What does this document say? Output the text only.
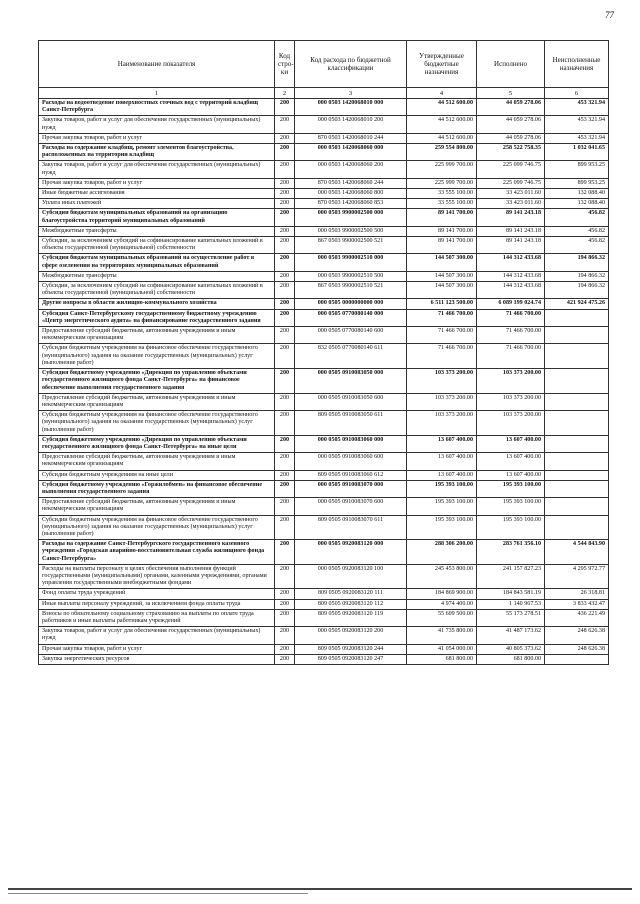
77
Наименование показателя	Код стро-ки	Код расхода по бюджетной классификации	Утвержденные бюджетные назначения	Исполнено	Неисполненные назначения
1	2	3	4	5	6
Расходы на водоотведение поверхностных сточных вод с территорий кладбищ Санкт-Петербурга	200	000 0503 1420068010 000	44 512 600.00	44 059 278.06	453 321.94
Закупка товаров, работ и услуг для обеспечения государственных (муниципальных) нужд	200	000 0503 1420068010 200	44 512 600.00	44 059 278.06	453 321.94
Прочая закупка товаров, работ и услуг	200	870 0503 1420068010 244	44 512 600.00	44 059 278.06	453 321.94
Расходы на содержание кладбищ, ремонт элементов благоустройства, расположенных на территории кладбищ	200	000 0503 1420068060 000	259 554 800.00	258 522 758.35	1 032 041.65
Закупка товаров, работ и услуг для обеспечения государственных (муниципальных) нужд	200	000 0503 1420068060 200	225 999 700.00	225 099 746.75	899 953.25
Прочая закупка товаров, работ и услуг	200	870 0503 1420068060 244	225 999 700.00	225 099 746.75	899 953.25
Иные бюджетные ассигнования	200	000 0503 1420068060 800	33 555 100.00	33 423 011.60	132 088.40
Уплата иных платежей	200	870 0503 1420068060 853	33 555 100.00	33 423 011.60	132 088.40
Субсидии бюджетам муниципальных образований на организацию благоустройства территорий муниципальных образований	200	000 0503 9900002500 000	89 141 700.00	89 141 243.18	456.82
Межбюджетные трансферты	200	000 0503 9900002500 500	89 141 700.00	89 141 243.18	456.82
Субсидии, за исключением субсидий на софинансирование капитальных вложений в объекты государственной (муниципальной) собственности	200	867 0503 9900002500 521	89 141 700.00	89 141 243.18	456.82
Субсидии бюджетам муниципальных образований на осуществление работ в сфере озеленения на территориях муниципальных образований	200	000 0503 9900002510 000	144 507 300.00	144 312 433.68	194 866.32
Межбюджетные трансферты	200	000 0503 9900002510 500	144 507 300.00	144 312 433.68	194 866.32
Субсидии, за исключением субсидий на софинансирование капитальных вложений в объекты государственной (муниципальной) собственности	200	867 0503 9900002510 521	144 507 300.00	144 312 433.68	194 866.32
Другие вопросы в области жилищно-коммунального хозяйства	200	000 0505 0000000000 000	6 511 123 500.00	6 089 199 024.74	421 924 475.26
Субсидия Санкт-Петербургскому государственному бюджетному учреждению «Центр энергетического аудита» на финансирование государственного задания	200	000 0505 0770080140 000	71 466 700.00	71 466 700.00	
Предоставление субсидий бюджетным, автономным учреждениям и иным некоммерческим организациям	200	000 0505 0770080140 600	71 466 700.00	71 466 700.00	
Субсидии бюджетным учреждениям на финансовое обеспечение государственного (муниципального) задания на оказание государственных (муниципальных) услуг (выполнение работ)	200	832 0505 0770080140 611	71 466 700.00	71 466 700.00	
Субсидия бюджетному учреждению «Дирекция по управлению объектами государственного жилищного фонда Санкт-Петербурга» на финансовое обеспечение выполнения государственного задания	200	000 0505 0910083050 000	103 373 200.00	103 373 200.00	
Предоставление субсидий бюджетным, автономным учреждениям и иным некоммерческим организациям	200	000 0505 0910083050 600	103 373 200.00	103 373 200.00	
Субсидии бюджетным учреждениям на финансовое обеспечение государственного (муниципального) задания на оказание государственных (муниципальных) услуг (выполнение работ)	200	809 0505 0910083050 611	103 373 200.00	103 373 200.00	
Субсидия бюджетному учреждению «Дирекция по управлению объектами государственного жилищного фонда Санкт-Петербурга» на иные цели	200	000 0505 0910083060 000	13 607 400.00	13 607 400.00	
Предоставление субсидий бюджетным, автономным учреждениям и иным некоммерческим организациям	200	000 0505 0910083060 600	13 607 400.00	13 607 400.00	
Субсидии бюджетным учреждениям на иные цели	200	809 0505 0910083060 612	13 607 400.00	13 607 400.00	
Субсидия бюджетному учреждению «Горжилобмен» на финансовое обеспечение выполнения государственного задания	200	000 0505 0910083070 000	195 393 100.00	195 393 100.00	
Предоставление субсидий бюджетным, автономным учреждениям и иным некоммерческим организациям	200	000 0505 0910083070 600	195 393 100.00	195 393 100.00	
Субсидии бюджетным учреждениям на финансовое обеспечение государственного (муниципального) задания на оказание государственных (муниципальных) услуг (выполнение работ)	200	809 0505 0910083070 611	195 393 100.00	195 393 100.00	
Расходы на содержание Санкт-Петербургского государственного казенного учреждения «Городская аварийно-восстановительная служба жилищного фонда Санкт-Петербурга»	200	000 0505 0920083120 000	288 306 200.00	283 761 356.10	4 544 843.90
Расходы на выплаты персоналу в целях обеспечения выполнения функций государственными (муниципальными) органами, казенными учреждениями, органами управления государственными внебюджетными фондами	200	000 0505 0920083120 100	245 453 800.00	241 157 827.23	4 295 972.77
Фонд оплаты труда учреждений	200	809 0505 0920083120 111	184 869 900.00	184 843 581.19	26 318.81
Иные выплаты персоналу учреждений, за исключением фонда оплаты труда	200	809 0505 0920083120 112	4 974 400.00	1 140 967.53	3 833 432.47
Взносы по обязательному социальному страхованию на выплаты по оплате труда работников и иные выплаты работникам учреждений	200	809 0505 0920083120 119	55 609 500.00	55 173 278.51	436 221.49
Закупка товаров, работ и услуг для обеспечения государственных (муниципальных) нужд	200	000 0505 0920083120 200	41 735 800.00	41 487 173.62	248 626.38
Прочая закупка товаров, работ и услуг	200	809 0505 0920083120 244	41 054 000.00	40 805 373.62	248 626.38
Закупка энергетических ресурсов	200	809 0505 0920083120 247	681 800.00	681 800.00	
